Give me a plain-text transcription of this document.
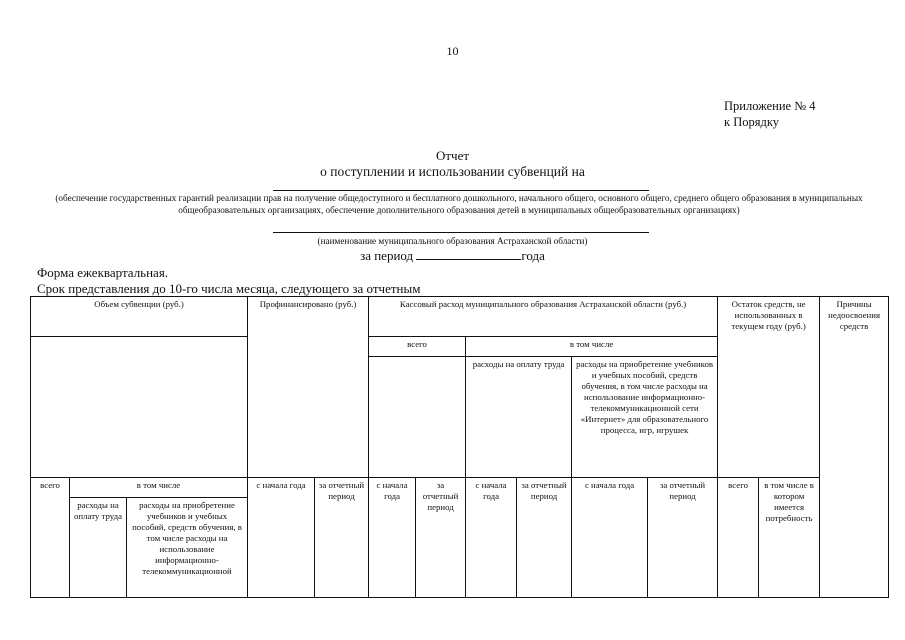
10
Приложение № 4
к Порядку
Отчет
о поступлении и использовании субвенций на
(обеспечение государственных гарантий реализации прав на получение общедоступного и бесплатного дошкольного, начального общего, основного общего, среднего общего образования в муниципальных общеобразовательных организациях, обеспечение дополнительного образования детей в муниципальных общеобразовательных организациях)
(наименование муниципального образования Астраханской области)
за период	года
Форма ежеквартальная.
Срок представления до 10-го числа месяца, следующего за отчетным
Объем субвенции (руб.)			Профинансировано (руб.)		Кассовый расход муниципального образования Астраханской области (руб.)						Остаток средств, не использованных в текущем году (руб.)		Причины недоосвоения средств
					всего		в том числе						
							расходы на оплату труда		расходы на приобретение учебников и учебных пособий, средств обучения, в том числе расходы на использование информационно-телекоммуникационной сети «Интернет» для образовательного процесса, игр, игрушек				
всего	в том числе		с начала года	за отчетный период	с начала года	за отчетный период	с начала года	за отчетный период	с начала года	за отчетный период	всего	в том числе в котором имеется потребность	
	расходы на оплату труда	расходы на приобретение учебников и учебных пособий, средств обучения, в том числе расходы на использование информационно-телекоммуникационной											
